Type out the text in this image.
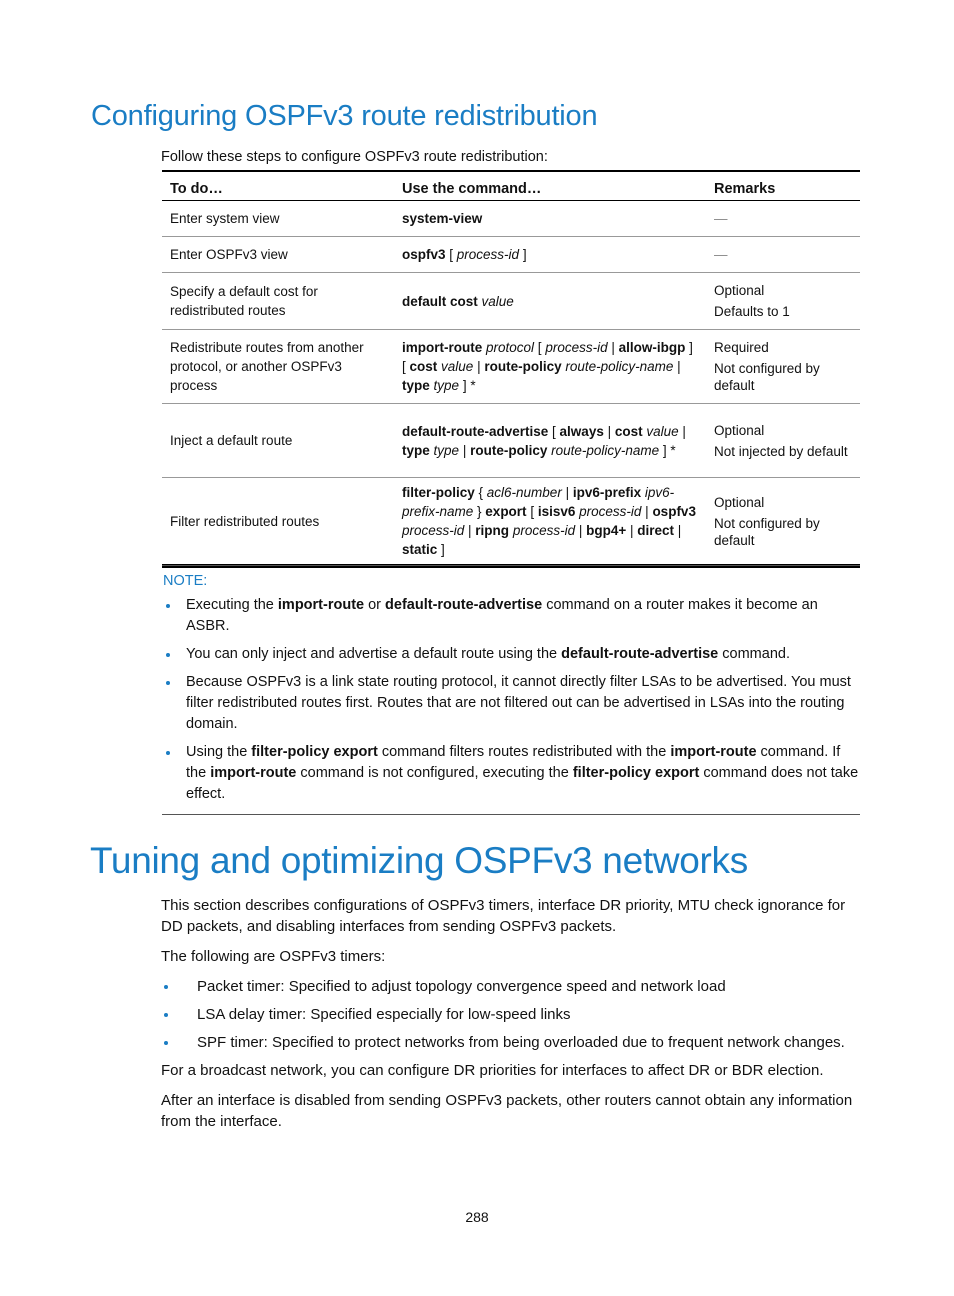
Configuring OSPFv3 route redistribution
Follow these steps to configure OSPFv3 route redistribution:
To do…	Use the command…	Remarks
Enter system view	system-view	—

Enter OSPFv3 view	ospfv3 [ process-id ]	—

Specify a default cost for redistributed routes	default cost value	Optional
Defaults to 1

Redistribute routes from another protocol, or another OSPFv3 process	import-route protocol [ process-id | allow-ibgp ] [ cost value | route-policy route-policy-name | type type ] *	Required
Not configured by default

Inject a default route	default-route-advertise [ always | cost value | type type | route-policy route-policy-name ] *	Optional
Not injected by default

Filter redistributed routes	filter-policy { acl6-number | ipv6-prefix ipv6-prefix-name } export [ isisv6 process-id | ospfv3 process-id | ripng process-id | bgp4+ | direct | static ]	Optional
Not configured by default
NOTE:
Executing the import-route or default-route-advertise command on a router makes it become an ASBR.
You can only inject and advertise a default route using the default-route-advertise command.
Because OSPFv3 is a link state routing protocol, it cannot directly filter LSAs to be advertised. You must filter redistributed routes first. Routes that are not filtered out can be advertised in LSAs into the routing domain.
Using the filter-policy export command filters routes redistributed with the import-route command. If the import-route command is not configured, executing the filter-policy export command does not take effect.
Tuning and optimizing OSPFv3 networks

This section describes configurations of OSPFv3 timers, interface DR priority, MTU check ignorance for DD packets, and disabling interfaces from sending OSPFv3 packets.

The following are OSPFv3 timers:

Packet timer: Specified to adjust topology convergence speed and network load
LSA delay timer: Specified especially for low-speed links
SPF timer: Specified to protect networks from being overloaded due to frequent network changes.

For a broadcast network, you can configure DR priorities for interfaces to affect DR or BDR election.

After an interface is disabled from sending OSPFv3 packets, other routers cannot obtain any information from the interface.

288
